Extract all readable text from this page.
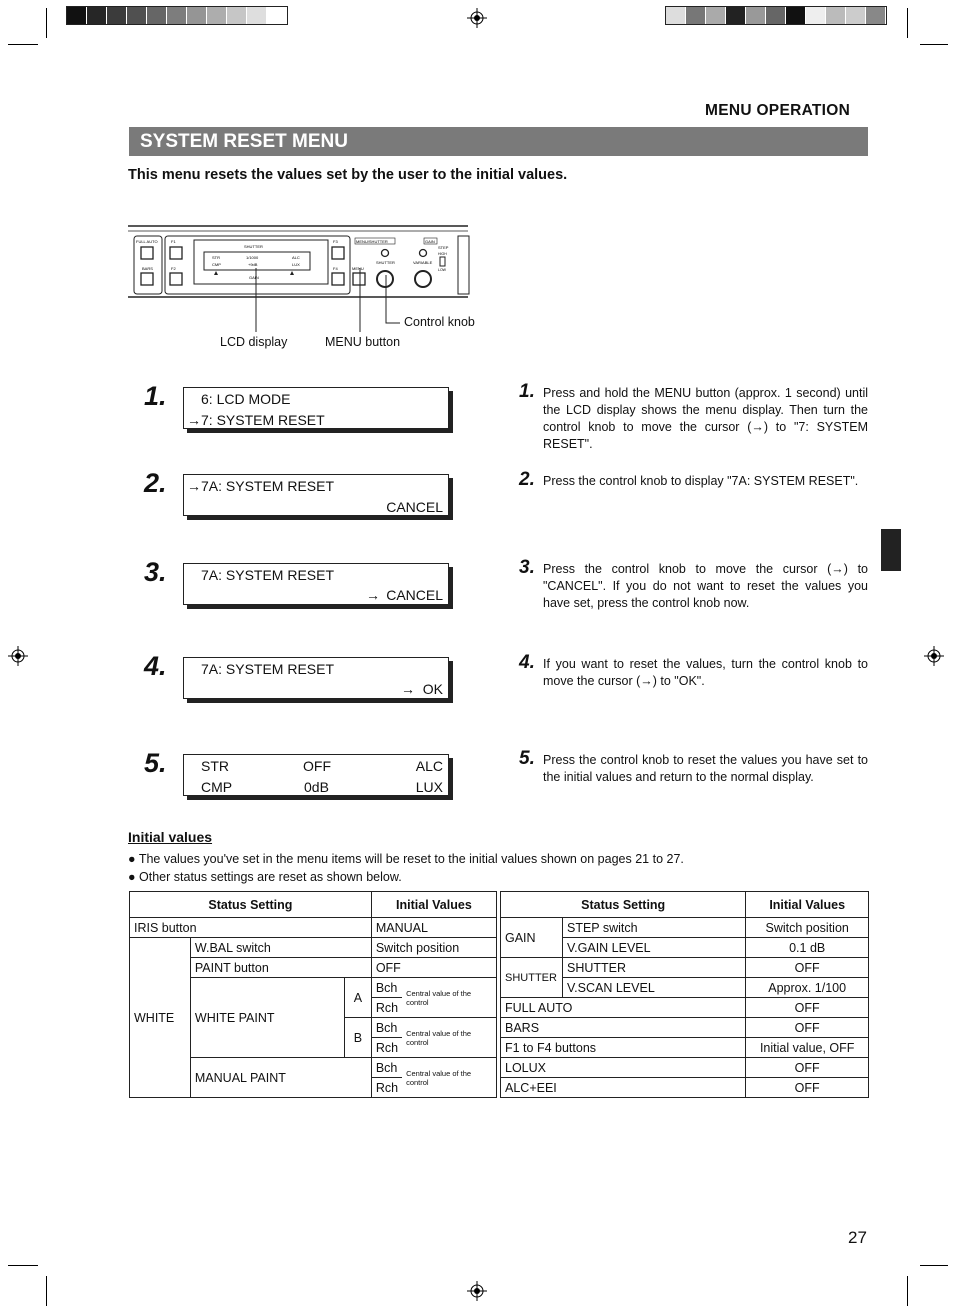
MENU OPERATION
SYSTEM RESET MENU
This menu resets the values set by the user to the initial values.
FULL AUTO
BARS
F1
F2
F3
F4
SHUTTER
STR	1/1000	ALC
CMP	+9dB	LUX
GAIN
MENU/SHUTTER
MENU
SHUTTER
GAIN
VARIABLE
STEP
HIGH
LOW
Control knob
LCD display	MENU button
1.
2.
3.
4.
5.
6: LCD MODE
→ 7: SYSTEM RESET
→ 7A: SYSTEM RESET
CANCEL
7A: SYSTEM RESET
→ CANCEL
7A: SYSTEM RESET
→ OK
STR	OFF	ALC
CMP	0dB	LUX
1. Press and hold the MENU button (approx. 1 second) until the LCD display shows the menu display. Then turn the control knob to move the cursor (→) to "7: SYSTEM RESET".
2. Press the control knob to display "7A: SYSTEM RESET".
3. Press the control knob to move the cursor (→) to "CANCEL". If you do not want to reset the values you have set, press the control knob now.
4. If you want to reset the values, turn the control knob to move the cursor (→) to "OK".
5. Press the control knob to reset the values you have set to the initial values and return to the normal display.
Initial values
● The values you've set in the menu items will be reset to the initial values shown on pages 21 to 27.
● Other status settings are reset as shown below.
Status Setting			Initial Values	
IRIS button			MANUAL	
WHITE	W.BAL switch		Switch position	
	PAINT button		OFF	
	WHITE PAINT	A	Bch	Central value of the control
			Rch	
		B	Bch	Central value of the control
			Rch	
	MANUAL PAINT		Bch	Central value of the control
			Rch	
Status Setting		Initial Values
GAIN	STEP switch	Switch position
	V.GAIN LEVEL	0.1 dB
SHUTTER	SHUTTER	OFF
	V.SCAN LEVEL	Approx. 1/100
FULL AUTO		OFF
BARS		OFF
F1 to F4 buttons		Initial value, OFF
LOLUX		OFF
ALC+EEI		OFF
27
